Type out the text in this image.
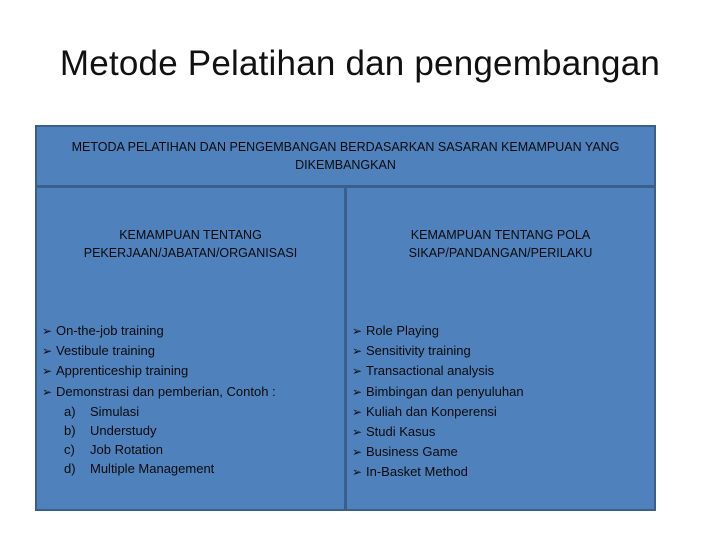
Metode Pelatihan dan pengembangan
METODA PELATIHAN DAN PENGEMBANGAN BERDASARKAN SASARAN KEMAMPUAN YANG DIKEMBANGKAN
KEMAMPUAN TENTANG PEKERJAAN/JABATAN/ORGANISASI
➢ On-the-job training
➢ Vestibule training
➢ Apprenticeship training
➢ Demonstrasi dan pemberian, Contoh :
a) Simulasi
b) Understudy
c) Job Rotation
d) Multiple Management
KEMAMPUAN TENTANG POLA SIKAP/PANDANGAN/PERILAKU
➢ Role Playing
➢ Sensitivity training
➢ Transactional analysis
➢ Bimbingan dan penyuluhan
➢ Kuliah dan Konperensi
➢ Studi Kasus
➢ Business Game
➢ In-Basket Method
